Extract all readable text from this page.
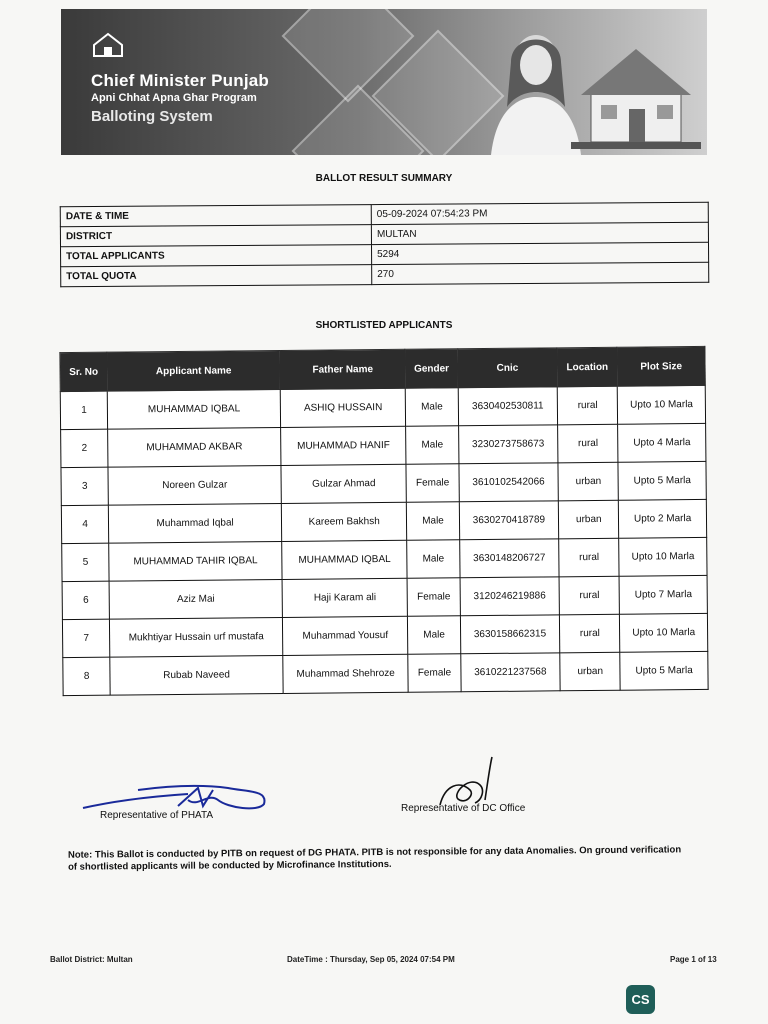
Chief Minister Punjab
Apni Chhat Apna Ghar Program
Balloting System
BALLOT RESULT SUMMARY
DATE & TIME	05-09-2024 07:54:23 PM
DISTRICT	MULTAN
TOTAL APPLICANTS	5294
TOTAL QUOTA	270
SHORTLISTED APPLICANTS
Sr. No	Applicant Name	Father Name	Gender	Cnic	Location	Plot Size
1	MUHAMMAD IQBAL	ASHIQ HUSSAIN	Male	3630402530811	rural	Upto 10 Marla
2	MUHAMMAD AKBAR	MUHAMMAD HANIF	Male	3230273758673	rural	Upto 4 Marla
3	Noreen Gulzar	Gulzar Ahmad	Female	3610102542066	urban	Upto 5 Marla
4	Muhammad Iqbal	Kareem Bakhsh	Male	3630270418789	urban	Upto 2 Marla
5	MUHAMMAD TAHIR IQBAL	MUHAMMAD IQBAL	Male	3630148206727	rural	Upto 10 Marla
6	Aziz Mai	Haji Karam ali	Female	3120246219886	rural	Upto 7 Marla
7	Mukhtiyar Hussain urf mustafa	Muhammad Yousuf	Male	3630158662315	rural	Upto 10 Marla
8	Rubab Naveed	Muhammad Shehroze	Female	3610221237568	urban	Upto 5 Marla
Representative of PHATA
Representative of DC Office
Note: This Ballot is conducted by PITB on request of DG PHATA. PITB is not responsible for any data Anomalies. On ground verification of shortlisted applicants will be conducted by Microfinance Institutions.
Ballot District: Multan	DateTime : Thursday, Sep 05, 2024 07:54 PM	Page 1 of 13
CS
